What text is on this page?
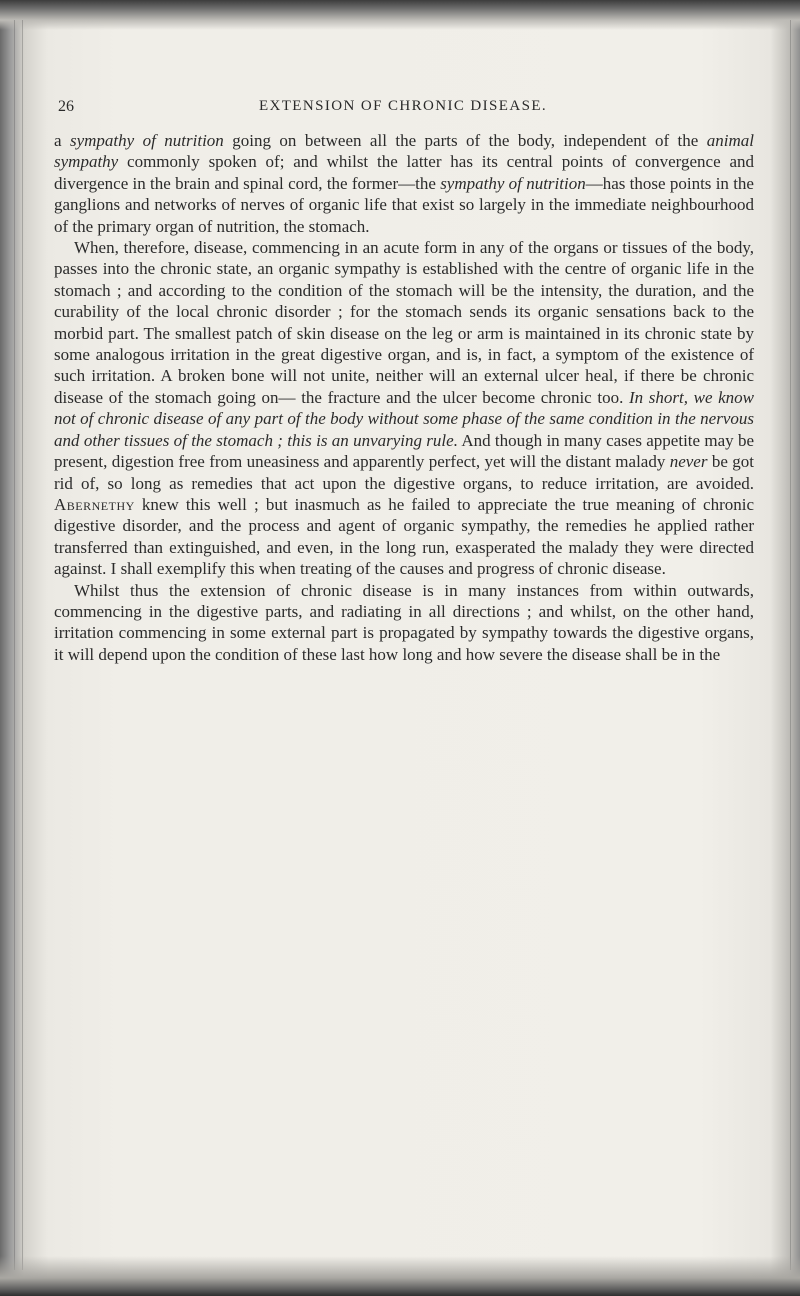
26	EXTENSION OF CHRONIC DISEASE.

a sympathy of nutrition going on between all the parts of the body, independent of the animal sympathy commonly spoken of; and whilst the latter has its central points of convergence and divergence in the brain and spinal cord, the former—the sympathy of nutrition—has those points in the ganglions and networks of nerves of organic life that exist so largely in the immediate neighbourhood of the primary organ of nutrition, the stomach.

When, therefore, disease, commencing in an acute form in any of the organs or tissues of the body, passes into the chronic state, an organic sympathy is established with the centre of organic life in the stomach ; and according to the condition of the stomach will be the intensity, the duration, and the curability of the local chronic disorder ; for the stomach sends its organic sensations back to the morbid part. The smallest patch of skin disease on the leg or arm is maintained in its chronic state by some analogous irritation in the great digestive organ, and is, in fact, a symptom of the existence of such irritation. A broken bone will not unite, neither will an external ulcer heal, if there be chronic disease of the stomach going on— the fracture and the ulcer become chronic too. In short, we know not of chronic disease of any part of the body without some phase of the same condition in the nervous and other tissues of the stomach ; this is an unvarying rule. And though in many cases appetite may be present, digestion free from uneasiness and apparently perfect, yet will the distant malady never be got rid of, so long as remedies that act upon the digestive organs, to reduce irritation, are avoided. Abernethy knew this well ; but inasmuch as he failed to appreciate the true meaning of chronic digestive disorder, and the process and agent of organic sympathy, the remedies he applied rather transferred than extinguished, and even, in the long run, exasperated the malady they were directed against. I shall exemplify this when treating of the causes and progress of chronic disease.

Whilst thus the extension of chronic disease is in many instances from within outwards, commencing in the digestive parts, and radiating in all directions ; and whilst, on the other hand, irritation commencing in some external part is propagated by sympathy towards the digestive organs, it will depend upon the condition of these last how long and how severe the disease shall be in the
